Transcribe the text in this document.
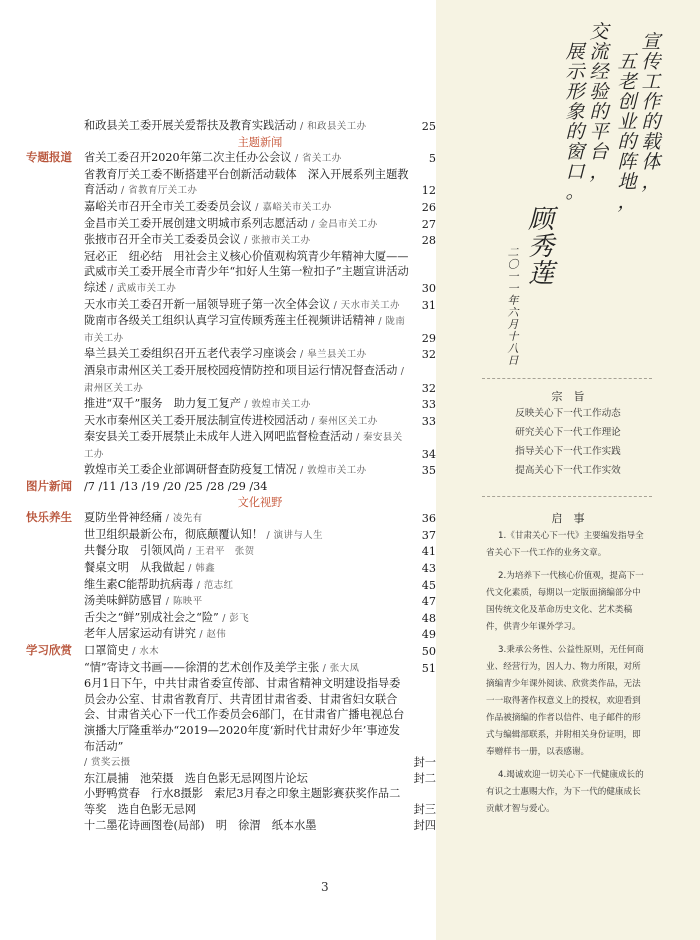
和政县关工委开展关爱帮扶及教育实践活动 / 和政县关工办	25
主题新闻
专题报道	省关工委召开2020年第二次主任办公会议 / 省关工办	5
省教育厅关工委不断搭建平台创新活动载体　深入开展系列主题教育活动 / 省教育厅关工办	12
嘉峪关市召开全市关工委委员会议 / 嘉峪关市关工办	26
金昌市关工委开展创建文明城市系列志愿活动 / 金昌市关工办	27
张掖市召开全市关工委委员会议 / 张掖市关工办	28
冠必正　纽必结　用社会主义核心价值观构筑青少年精神大厦——武威市关工委开展全市青少年“扣好人生第一粒扣子”主题宣讲活动综述 / 武威市关工办	30
天水市关工委召开新一届领导班子第一次全体会议 / 天水市关工办	31
陇南市各级关工组织认真学习宣传顾秀莲主任视频讲话精神 / 陇南市关工办	29
皋兰县关工委组织召开五老代表学习座谈会 / 皋兰县关工办	32
酒泉市肃州区关工委开展校园疫情防控和项目运行情况督查活动 / 肃州区关工办	32
推进“双千”服务　助力复工复产 / 敦煌市关工办	33
天水市秦州区关工委开展法制宣传进校园活动 / 秦州区关工办	33
秦安县关工委开展禁止未成年人进入网吧监督检查活动 / 秦安县关工办	34
敦煌市关工委企业部调研督查防疫复工情况 / 敦煌市关工办	35
图片新闻	/7 /11 /13 /19 /20 /25 /28 /29 /34
文化视野
快乐养生	夏防坐骨神经痛 / 凌先有	36
世卫组织最新公布，彻底颠覆认知！ / 演讲与人生	37
共餐分取　引领风尚 / 王君平　张贺	41
餐桌文明　从我做起 / 韩鑫	43
维生素C能帮助抗病毒 / 范志红	45
汤美味鲜防感冒 / 陈映平	47
舌尖之“鲜”别成社会之“险” / 彭飞	48
老年人居家运动有讲究 / 赵伟	49
学习欣赏	口罩简史 / 水木	50
“情”寄诗文书画——徐渭的艺术创作及美学主张 / 张大凤	51
6月1日下午，中共甘肃省委宣传部、甘肃省精神文明建设指导委员会办公室、甘肃省教育厅、共青团甘肃省委、甘肃省妇女联合会、甘肃省关心下一代工作委员会6部门，在甘肃省广播电视总台演播大厅隆重举办“2019—2020年度‘新时代甘肃好少年’事迹发布活动”
/ 赏奖云摄	封一
东江晨捕　池荣摄　选自色影无忌网图片论坛	封二
小野鸭赏春　行水8摄影　索尼3月春之印象主题影赛获奖作品二等奖　选自色影无忌网	封三
十二墨花诗画图卷(局部)　明　徐渭　纸本水墨	封四
3
宣传工作的载体，
五老创业的阵地，
交流经验的平台，
展示形象的窗口。
顾秀莲
二〇一一年六月十八日
宗　旨
反映关心下一代工作动态
研究关心下一代工作理论
指导关心下一代工作实践
提高关心下一代工作实效
启　事

1.《甘肃关心下一代》主要编发指导全省关心下一代工作的业务文章。

2.为培养下一代核心价值观，提高下一代文化素质，每期以一定版面摘编部分中国传统文化及革命历史文化、艺术类稿件，供青少年课外学习。

3.秉承公务性、公益性原则，无任何商业、经营行为，因人力、物力所限，对所摘编青少年课外阅读、欣赏类作品，无法一一取得著作权意义上的授权，欢迎看到作品被摘编的作者以信件、电子邮件的形式与编辑部联系，并附相关身份证明，即奉赠样书一册，以表感谢。

4.竭诚欢迎一切关心下一代健康成长的有识之士惠赐大作，为下一代的健康成长贡献才智与爱心。
